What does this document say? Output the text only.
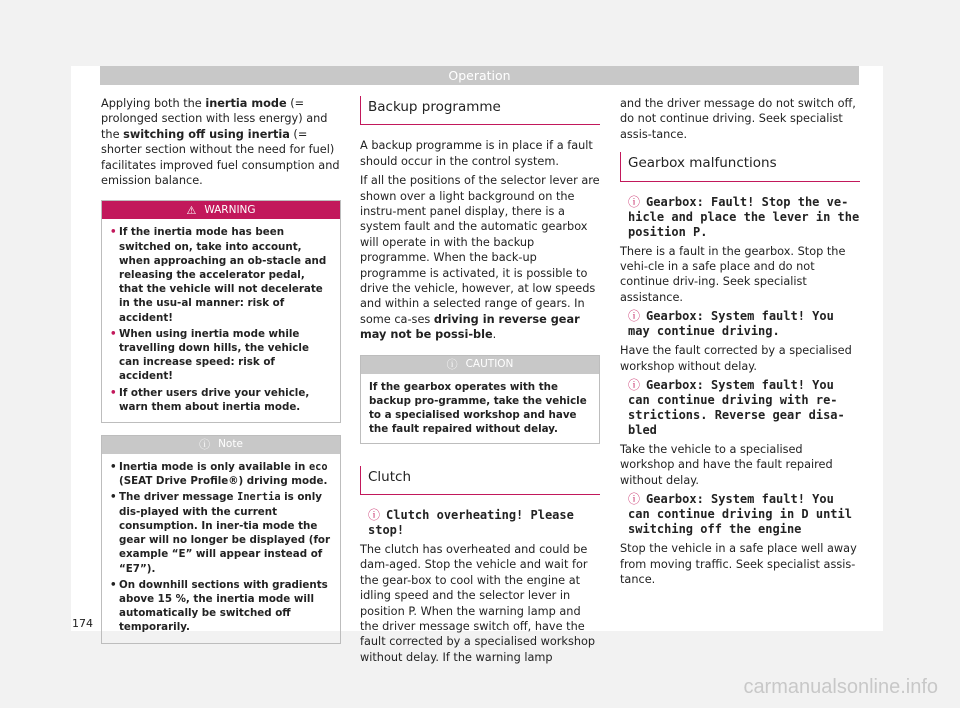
Operation

Applying both the inertia mode (= prolonged section with less energy) and the switching off using inertia (= shorter section without the need for fuel) facilitates improved fuel consumption and emission balance.

⚠ WARNING
• If the inertia mode has been switched on, take into account, when approaching an ob-stacle and releasing the accelerator pedal, that the vehicle will not decelerate in the usu-al manner: risk of accident!
• When using inertia mode while travelling down hills, the vehicle can increase speed: risk of accident!
• If other users drive your vehicle, warn them about inertia mode.
ⓘ Note
• Inertia mode is only available in eco (SEAT Drive Profile®) driving mode.
• The driver message Inertia is only dis-played with the current consumption. In iner-tia mode the gear will no longer be displayed (for example “E” will appear instead of “E7”).
• On downhill sections with gradients above 15 %, the inertia mode will automatically be switched off temporarily.
Backup programme

A backup programme is in place if a fault should occur in the control system.

If all the positions of the selector lever are shown over a light background on the instru-ment panel display, there is a system fault and the automatic gearbox will operate in with the backup programme. When the back-up programme is activated, it is possible to drive the vehicle, however, at low speeds and within a selected range of gears. In some ca-ses driving in reverse gear may not be possi-ble.

ⓘ CAUTION
If the gearbox operates with the backup pro-gramme, take the vehicle to a specialised workshop and have the fault repaired without delay.
Clutch
ⓘ Clutch overheating! Please stop!

The clutch has overheated and could be dam-aged. Stop the vehicle and wait for the gear-box to cool with the engine at idling speed and the selector lever in position P. When the warning lamp and the driver message switch off, have the fault corrected by a specialised workshop without delay. If the warning lamp

and the driver message do not switch off, do not continue driving. Seek specialist assis-tance.

Gearbox malfunctions
ⓘ Gearbox: Fault! Stop the ve-hicle and place the lever in the position P.

There is a fault in the gearbox. Stop the vehi-cle in a safe place and do not continue driv-ing. Seek specialist assistance.

ⓘ Gearbox: System fault! You may continue driving.

Have the fault corrected by a specialised workshop without delay.

ⓘ Gearbox: System fault! You can continue driving with re-strictions. Reverse gear disa-bled

Take the vehicle to a specialised workshop and have the fault repaired without delay.

ⓘ Gearbox: System fault! You can continue driving in D until switching off the engine

Stop the vehicle in a safe place well away from moving traffic. Seek specialist assis-tance.

174
carmanualsonline.info
